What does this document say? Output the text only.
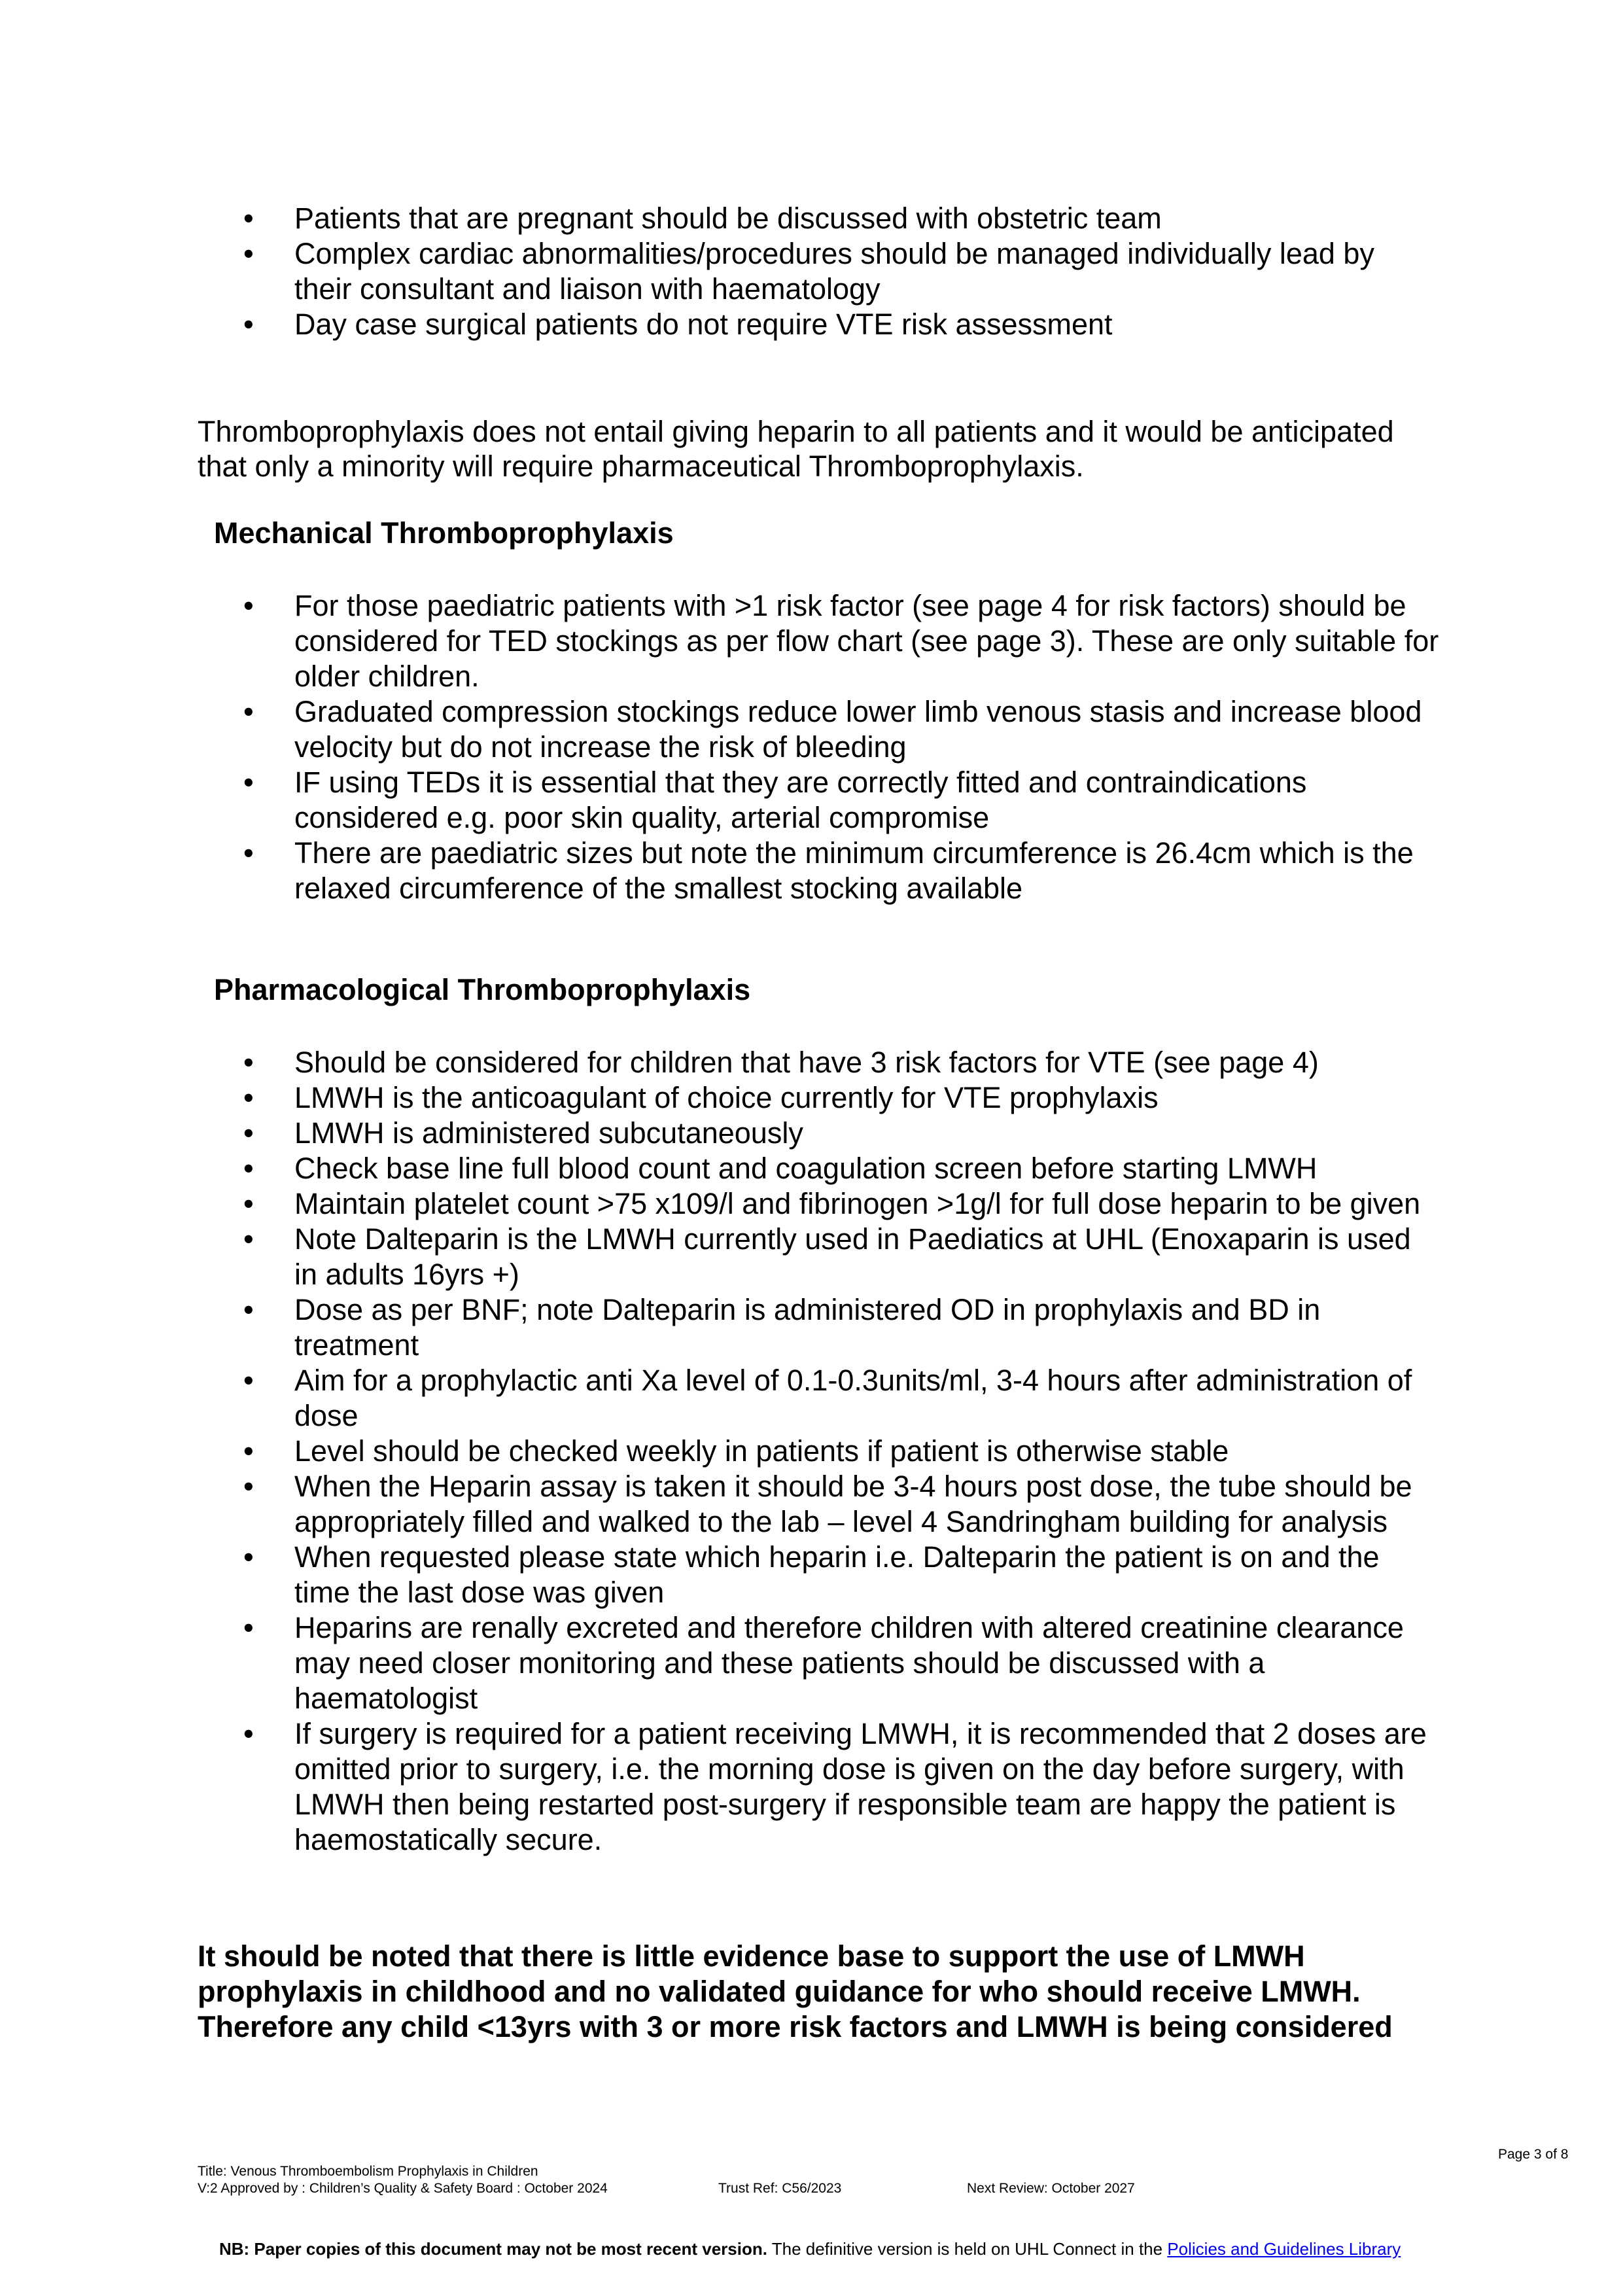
• Patients that are pregnant should be discussed with obstetric team
• Complex cardiac abnormalities/procedures should be managed individually lead by their consultant and liaison with haematology
• Day case surgical patients do not require VTE risk assessment

Thromboprophylaxis does not entail giving heparin to all patients and it would be anticipated that only a minority will require pharmaceutical Thromboprophylaxis.

Mechanical Thromboprophylaxis
• For those paediatric patients with >1 risk factor (see page 4 for risk factors) should be considered for TED stockings as per flow chart (see page 3). These are only suitable for older children.
• Graduated compression stockings reduce lower limb venous stasis and increase blood velocity but do not increase the risk of bleeding
• IF using TEDs it is essential that they are correctly fitted and contraindications considered e.g. poor skin quality, arterial compromise
• There are paediatric sizes but note the minimum circumference is 26.4cm which is the relaxed circumference of the smallest stocking available
Pharmacological Thromboprophylaxis
• Should be considered for children that have 3 risk factors for VTE (see page 4)
• LMWH is the anticoagulant of choice currently for VTE prophylaxis
• LMWH is administered subcutaneously
• Check base line full blood count and coagulation screen before starting LMWH
• Maintain platelet count >75 x109/l and fibrinogen >1g/l for full dose heparin to be given
• Note Dalteparin is the LMWH currently used in Paediatics at UHL (Enoxaparin is used in adults 16yrs +)
• Dose as per BNF; note Dalteparin is administered OD in prophylaxis and BD in treatment
• Aim for a prophylactic anti Xa level of 0.1-0.3units/ml, 3-4 hours after administration of dose
• Level should be checked weekly in patients if patient is otherwise stable
• When the Heparin assay is taken it should be 3-4 hours post dose, the tube should be appropriately filled and walked to the lab – level 4 Sandringham building for analysis
• When requested please state which heparin i.e. Dalteparin the patient is on and the time the last dose was given
• Heparins are renally excreted and therefore children with altered creatinine clearance may need closer monitoring and these patients should be discussed with a haematologist
• If surgery is required for a patient receiving LMWH, it is recommended that 2 doses are omitted prior to surgery, i.e. the morning dose is given on the day before surgery, with LMWH then being restarted post-surgery if responsible team are happy the patient is haemostatically secure.

It should be noted that there is little evidence base to support the use of LMWH prophylaxis in childhood and no validated guidance for who should receive LMWH. Therefore any child <13yrs with 3 or more risk factors and LMWH is being considered

Page 3 of 8

Title: Venous Thromboembolism Prophylaxis in Children

V:2 Approved by : Children’s Quality & Safety Board : October 2024	Trust Ref: C56/2023	Next Review: October 2027

NB: Paper copies of this document may not be most recent version. The definitive version is held on UHL Connect in the Policies and Guidelines Library
